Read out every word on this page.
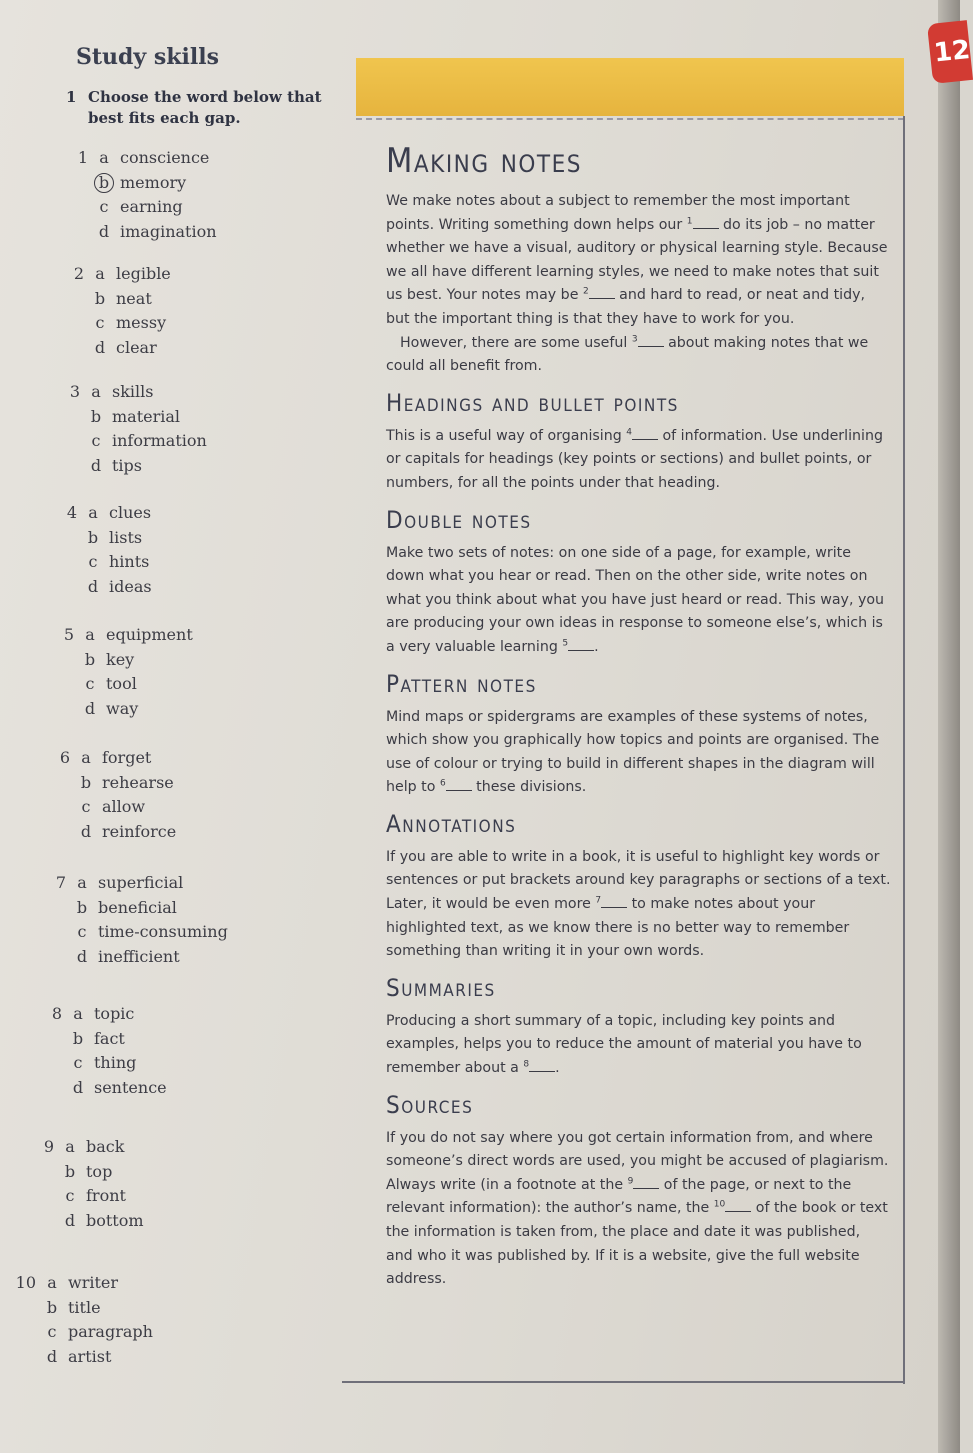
12
Study skills
1 Choose the word below that
best fits each gap.
1 a conscience
b memory
c earning
d imagination
2 a legible
b neat
c messy
d clear
3 a skills
b material
c information
d tips
4 a clues
b lists
c hints
d ideas
5 a equipment
b key
c tool
d way
6 a forget
b rehearse
c allow
d reinforce
7 a superficial
b beneficial
c time-consuming
d inefficient
8 a topic
b fact
c thing
d sentence
9 a back
b top
c front
d bottom
10 a writer
b title
c paragraph
d artist
Making notes

We make notes about a subject to remember the most important points. Writing something down helps our $^1$ do its job – no matter whether we have a visual, auditory or physical learning style. Because we all have different learning styles, we need to make notes that suit us best. Your notes may be $^2$ and hard to read, or neat and tidy, but the important thing is that they have to work for you.

However, there are some useful $^3$ about making notes that we could all benefit from.

Headings and bullet points

This is a useful way of organising $^4$ of information. Use underlining or capitals for headings (key points or sections) and bullet points, or numbers, for all the points under that heading.

Double notes

Make two sets of notes: on one side of a page, for example, write down what you hear or read. Then on the other side, write notes on what you think about what you have just heard or read. This way, you are producing your own ideas in response to someone else’s, which is a very valuable learning $^5$ .

Pattern notes

Mind maps or spidergrams are examples of these systems of notes, which show you graphically how topics and points are organised. The use of colour or trying to build in different shapes in the diagram will help to $^6$ these divisions.

Annotations

If you are able to write in a book, it is useful to highlight key words or sentences or put brackets around key paragraphs or sections of a text. Later, it would be even more $^7$ to make notes about your highlighted text, as we know there is no better way to remember something than writing it in your own words.

Summaries

Producing a short summary of a topic, including key points and examples, helps you to reduce the amount of material you have to remember about a $^8$ .

Sources

If you do not say where you got certain information from, and where someone’s direct words are used, you might be accused of plagiarism. Always write (in a footnote at the $^9$ of the page, or next to the relevant information): the author’s name, the $^{10}$ of the book or text the information is taken from, the place and date it was published, and who it was published by. If it is a website, give the full website address.
